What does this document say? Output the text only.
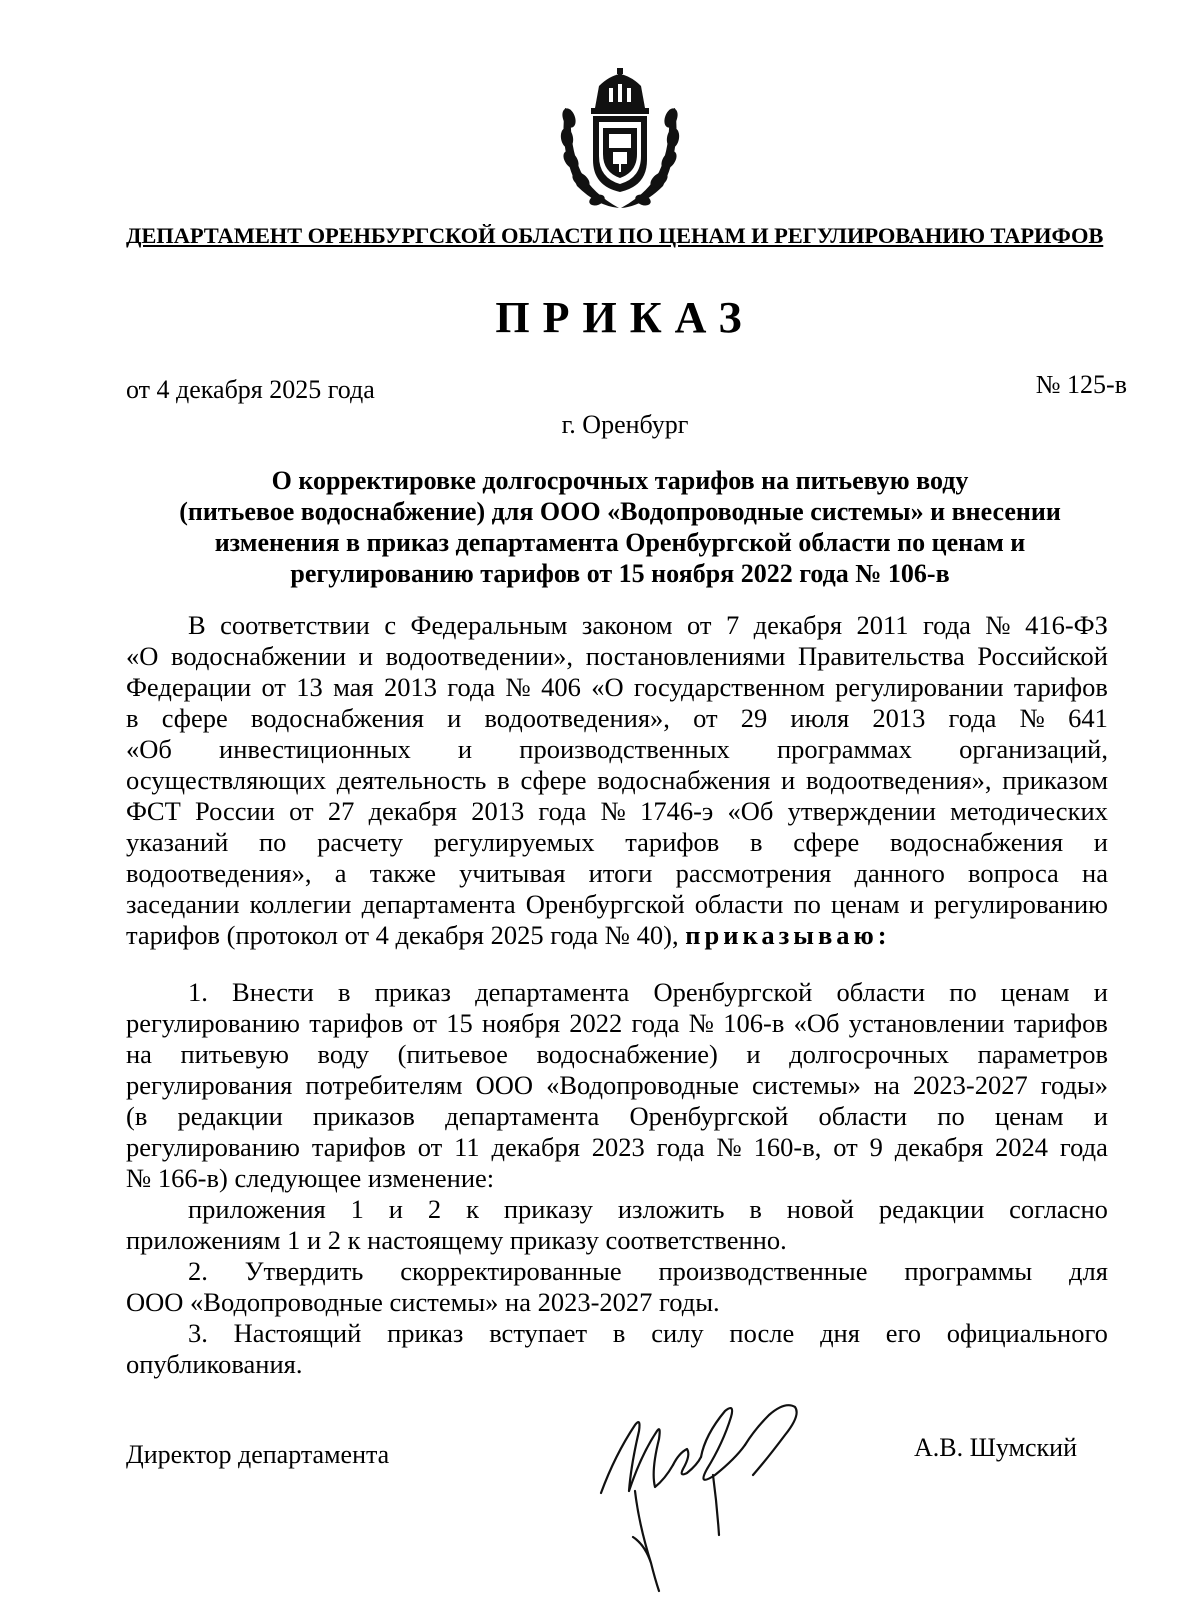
ДЕПАРТАМЕНТ ОРЕНБУРГСКОЙ ОБЛАСТИ ПО ЦЕНАМ И РЕГУЛИРОВАНИЮ ТАРИФОВ
ПРИКАЗ
от 4 декабря 2025 года	№ 125-в
г. Оренбург
О корректировке долгосрочных тарифов на питьевую воду
(питьевое водоснабжение) для ООО «Водопроводные системы» и внесении
изменения в приказ департамента Оренбургской области по ценам и
регулированию тарифов от 15 ноября 2022 года № 106-в
В соответствии с Федеральным законом от 7 декабря 2011 года № 416-ФЗ
«О водоснабжении и водоотведении», постановлениями Правительства Российской
Федерации от 13 мая 2013 года № 406 «О государственном регулировании тарифов
в сфере водоснабжения и водоотведения», от 29 июля 2013 года № 641
«Об инвестиционных и производственных программах организаций,
осуществляющих деятельность в сфере водоснабжения и водоотведения», приказом
ФСТ России от 27 декабря 2013 года № 1746-э «Об утверждении методических
указаний по расчету регулируемых тарифов в сфере водоснабжения и
водоотведения», а также учитывая итоги рассмотрения данного вопроса на
заседании коллегии департамента Оренбургской области по ценам и регулированию
тарифов (протокол от 4 декабря 2025 года № 40), приказываю:
1. Внести в приказ департамента Оренбургской области по ценам и
регулированию тарифов от 15 ноября 2022 года № 106-в «Об установлении тарифов
на питьевую воду (питьевое водоснабжение) и долгосрочных параметров
регулирования потребителям ООО «Водопроводные системы» на 2023-2027 годы»
(в редакции приказов департамента Оренбургской области по ценам и
регулированию тарифов от 11 декабря 2023 года № 160-в, от 9 декабря 2024 года
№ 166-в) следующее изменение:
приложения 1 и 2 к приказу изложить в новой редакции согласно
приложениям 1 и 2 к настоящему приказу соответственно.
2. Утвердить скорректированные производственные программы для
ООО «Водопроводные системы» на 2023-2027 годы.
3. Настоящий приказ вступает в силу после дня его официального
опубликования.
Директор департамента	А.В. Шумский
